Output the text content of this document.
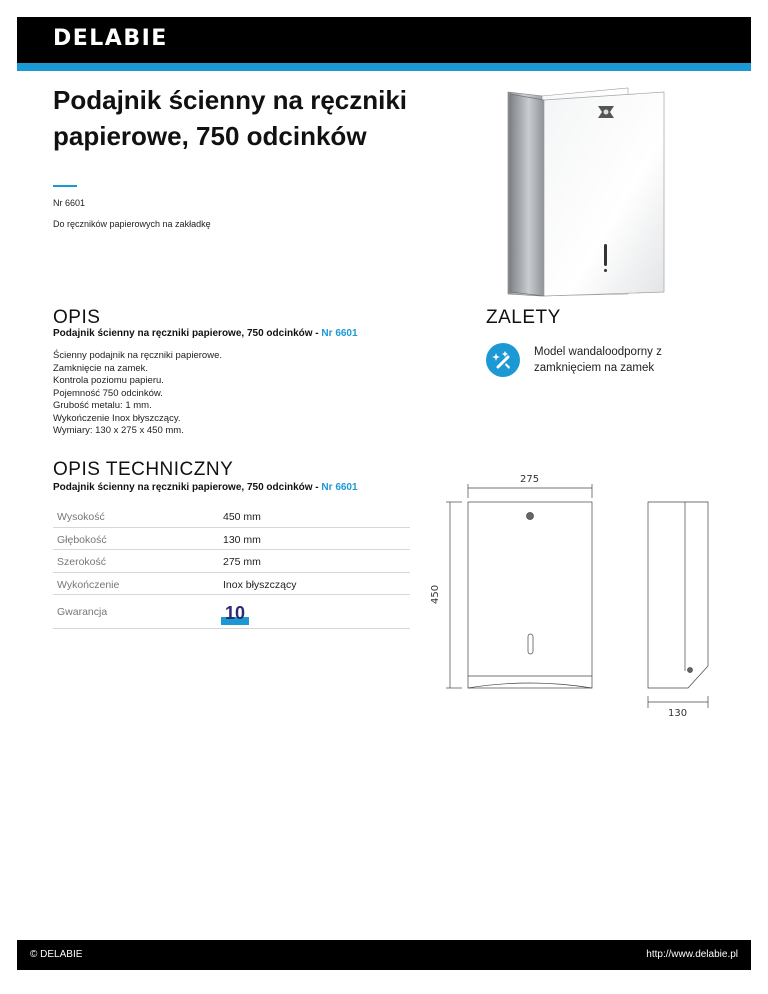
DELABIE
Podajnik ścienny na ręczniki papierowe, 750 odcinków
Nr 6601
Do ręczników papierowych na zakładkę
OPIS
Podajnik ścienny na ręczniki papierowe, 750 odcinków - Nr 6601
Ścienny podajnik na ręczniki papierowe.
Zamknięcie na zamek.
Kontrola poziomu papieru.
Pojemność 750 odcinków.
Grubość metalu: 1 mm.
Wykończenie Inox błyszczący.
Wymiary: 130 x 275 x 450 mm.
ZALETY
Model wandaloodporny z zamknięciem na zamek
OPIS TECHNICZNY
Podajnik ścienny na ręczniki papierowe, 750 odcinków - Nr 6601
Wysokość	450 mm
Głębokość	130 mm
Szerokość	275 mm
Wykończenie	Inox błyszczący
Gwarancja	10
275
450
130
© DELABIE	http://www.delabie.pl
